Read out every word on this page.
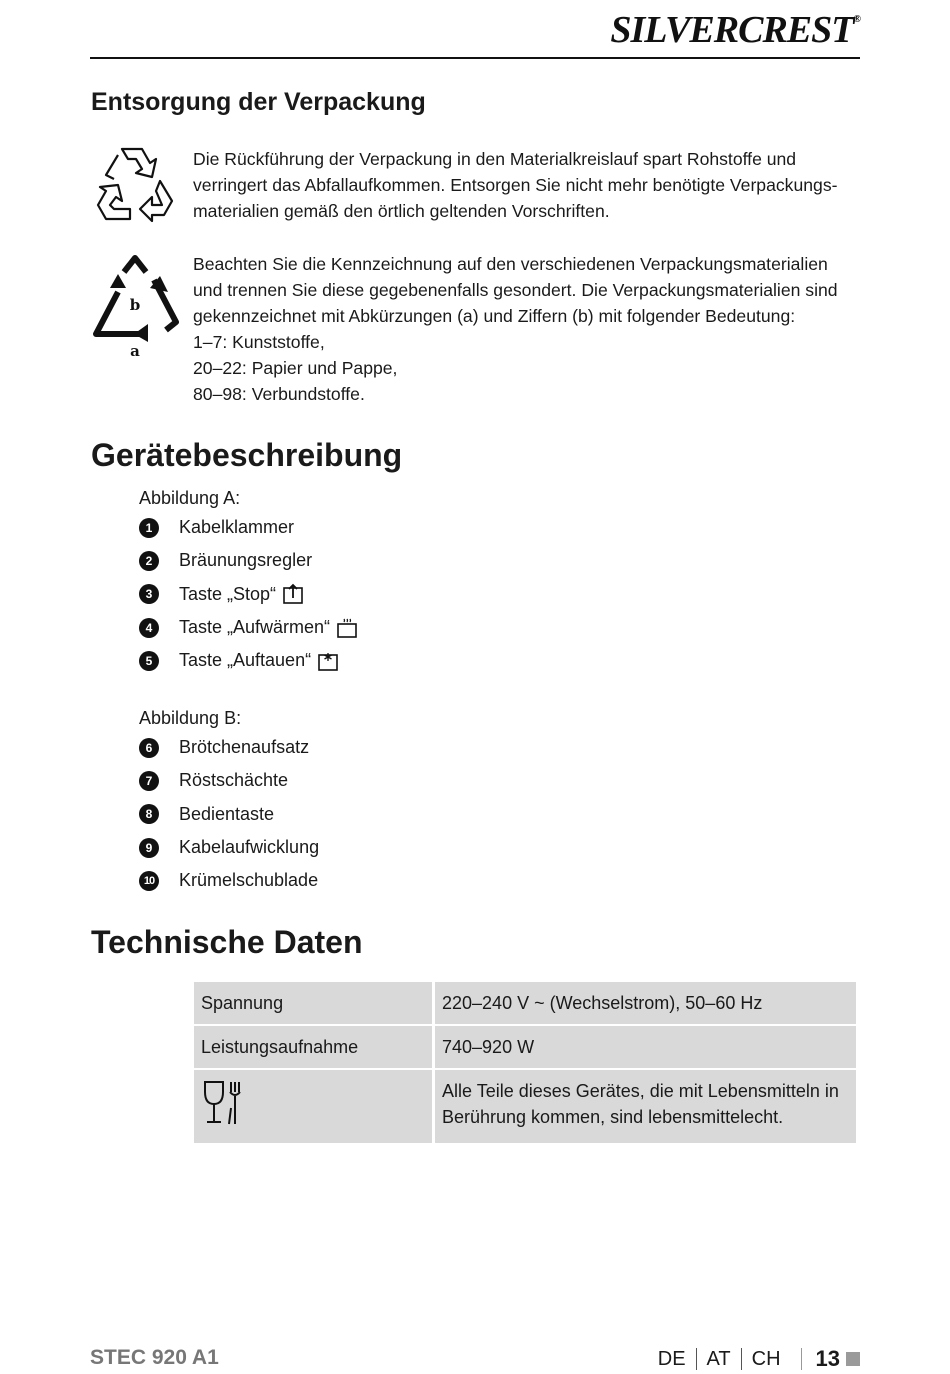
SILVERCREST®
Entsorgung der Verpackung

Die Rückführung der Verpackung in den Materialkreislauf spart Rohstoffe und verringert das Abfallaufkommen. Entsorgen Sie nicht mehr benötigte Verpackungsmaterialien gemäß den örtlich geltenden Vorschriften.

b
a
Beachten Sie die Kennzeichnung auf den verschiedenen Verpackungsmaterialien
und trennen Sie diese gegebenenfalls gesondert. Die Verpackungsmaterialien sind
gekennzeichnet mit Abkürzungen (a) und Ziffern (b) mit folgender Bedeutung:
1–7: Kunststoffe,
20–22: Papier und Pappe,
80–98: Verbundstoffe.
Gerätebeschreibung

Abbildung A:

1	Kabelklammer
2	Bräunungsregler
3	Taste „Stop“
4	Taste „Aufwärmen“
5	Taste „Auftauen“

Abbildung B:

6	Brötchenaufsatz
7	Röstschächte
8	Bedientaste
9	Kabelaufwicklung
10 Krümelschublade
Technische Daten
Spannung	220–240 V ~ (Wechselstrom), 50–60 Hz
Leistungsaufnahme	740–920 W

Alle Teile dieses Gerätes, die mit Lebensmitteln in
Berührung kommen, sind lebensmittelecht.
STEC 920 A1	DE AT CH 13
